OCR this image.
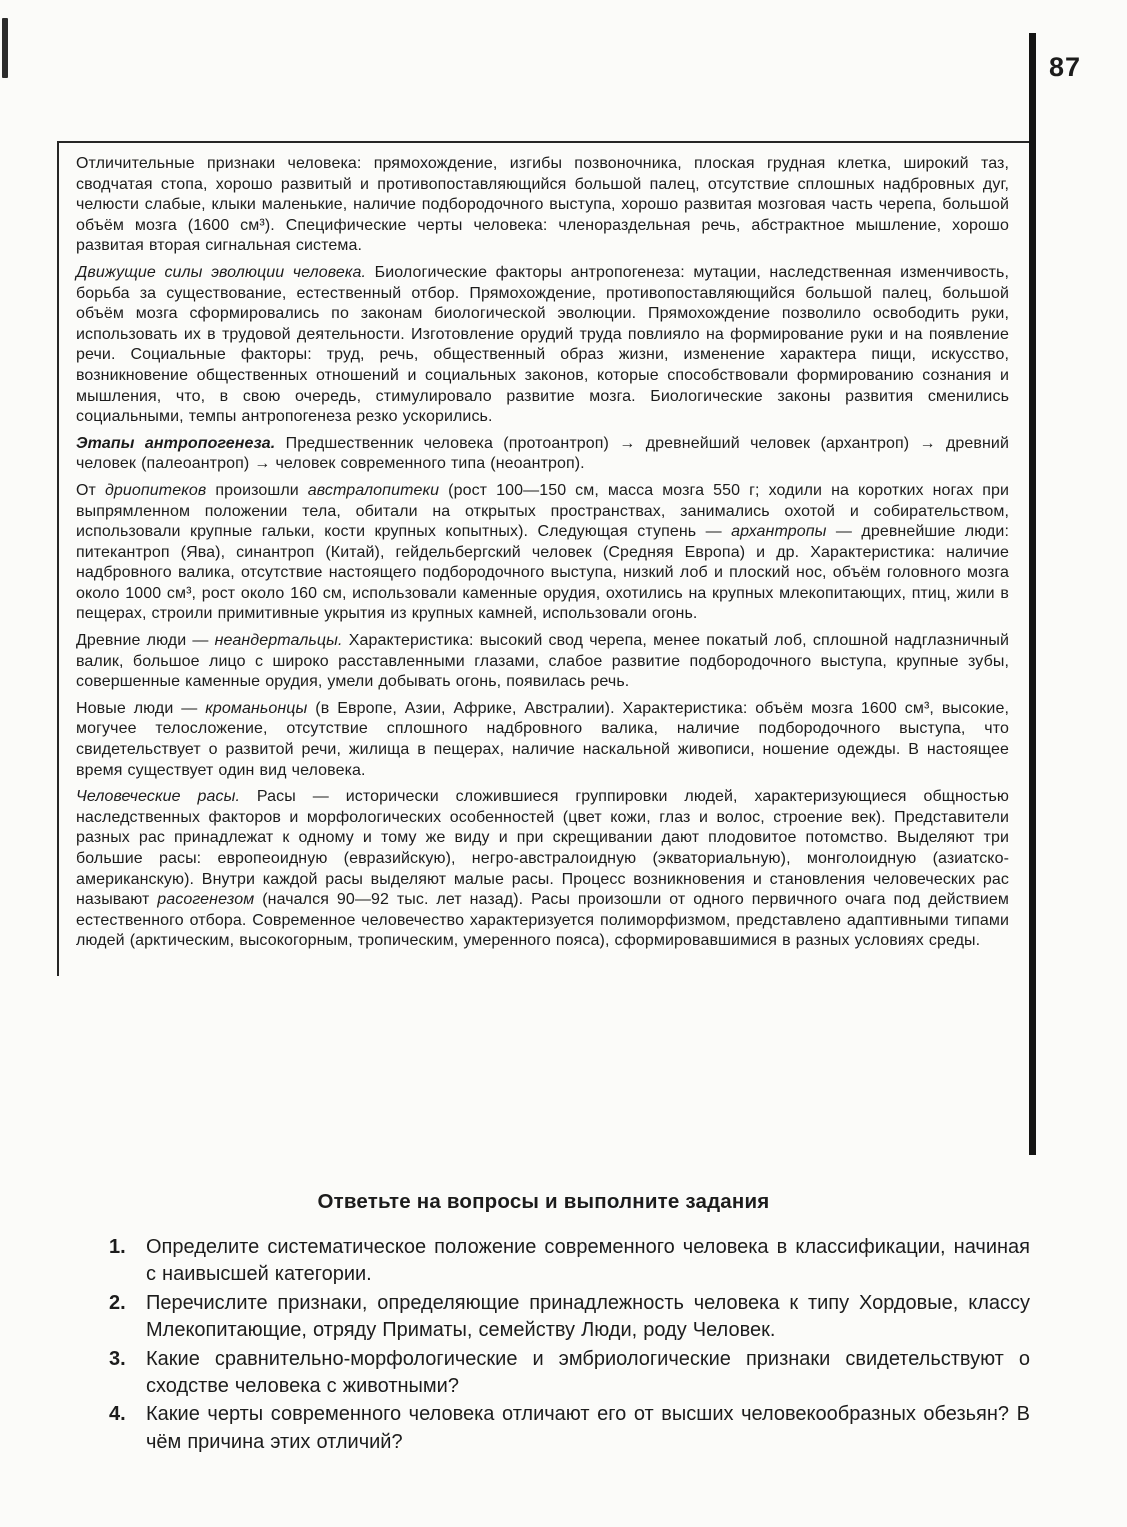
87

Отличительные признаки человека: прямохождение, изгибы позвоночника, плоская грудная клетка, широкий таз, сводчатая стопа, хорошо развитый и противопоставляющийся большой палец, отсутствие сплошных надбровных дуг, челюсти слабые, клыки маленькие, наличие подбородочного выступа, хорошо развитая мозговая часть черепа, большой объём мозга (1600 см³). Специфические черты человека: членораздельная речь, абстрактное мышление, хорошо развитая вторая сигнальная система.

Движущие силы эволюции человека. Биологические факторы антропогенеза: мутации, наследственная изменчивость, борьба за существование, естественный отбор. Прямохождение, противопоставляющийся большой палец, большой объём мозга сформировались по законам биологической эволюции. Прямохождение позволило освободить руки, использовать их в трудовой деятельности. Изготовление орудий труда повлияло на формирование руки и на появление речи. Социальные факторы: труд, речь, общественный образ жизни, изменение характера пищи, искусство, возникновение общественных отношений и социальных законов, которые способствовали формированию сознания и мышления, что, в свою очередь, стимулировало развитие мозга. Биологические законы развития сменились социальными, темпы антропогенеза резко ускорились.

Этапы антропогенеза. Предшественник человека (протоантроп) → древнейший человек (архантроп) → древний человек (палеоантроп) → человек современного типа (неоантроп).

От дриопитеков произошли австралопитеки (рост 100—150 см, масса мозга 550 г; ходили на коротких ногах при выпрямленном положении тела, обитали на открытых пространствах, занимались охотой и собирательством, использовали крупные гальки, кости крупных копытных). Следующая ступень — архантропы — древнейшие люди: питекантроп (Ява), синантроп (Китай), гейдельбергский человек (Средняя Европа) и др. Характеристика: наличие надбровного валика, отсутствие настоящего подбородочного выступа, низкий лоб и плоский нос, объём головного мозга около 1000 см³, рост около 160 см, использовали каменные орудия, охотились на крупных млекопитающих, птиц, жили в пещерах, строили примитивные укрытия из крупных камней, использовали огонь.

Древние люди — неандертальцы. Характеристика: высокий свод черепа, менее покатый лоб, сплошной надглазничный валик, большое лицо с широко расставленными глазами, слабое развитие подбородочного выступа, крупные зубы, совершенные каменные орудия, умели добывать огонь, появилась речь.

Новые люди — кроманьонцы (в Европе, Азии, Африке, Австралии). Характеристика: объём мозга 1600 см³, высокие, могучее телосложение, отсутствие сплошного надбровного валика, наличие подбородочного выступа, что свидетельствует о развитой речи, жилища в пещерах, наличие наскальной живописи, ношение одежды. В настоящее время существует один вид человека.

Человеческие расы. Расы — исторически сложившиеся группировки людей, характеризующиеся общностью наследственных факторов и морфологических особенностей (цвет кожи, глаз и волос, строение век). Представители разных рас принадлежат к одному и тому же виду и при скрещивании дают плодовитое потомство. Выделяют три большие расы: европеоидную (евразийскую), негро-австралоидную (экваториальную), монголоидную (азиатско-американскую). Внутри каждой расы выделяют малые расы. Процесс возникновения и становления человеческих рас называют расогенезом (начался 90—92 тыс. лет назад). Расы произошли от одного первичного очага под действием естественного отбора. Современное человечество характеризуется полиморфизмом, представлено адаптивными типами людей (арктическим, высокогорным, тропическим, умеренного пояса), сформировавшимися в разных условиях среды.

Ответьте на вопросы и выполните задания
1. Определите систематическое положение современного человека в классификации, начиная с наивысшей категории.
2. Перечислите признаки, определяющие принадлежность человека к типу Хордовые, классу Млекопитающие, отряду Приматы, семейству Люди, роду Человек.
3. Какие сравнительно-морфологические и эмбриологические признаки свидетельствуют о сходстве человека с животными?
4. Какие черты современного человека отличают его от высших человекообразных обезьян? В чём причина этих отличий?
